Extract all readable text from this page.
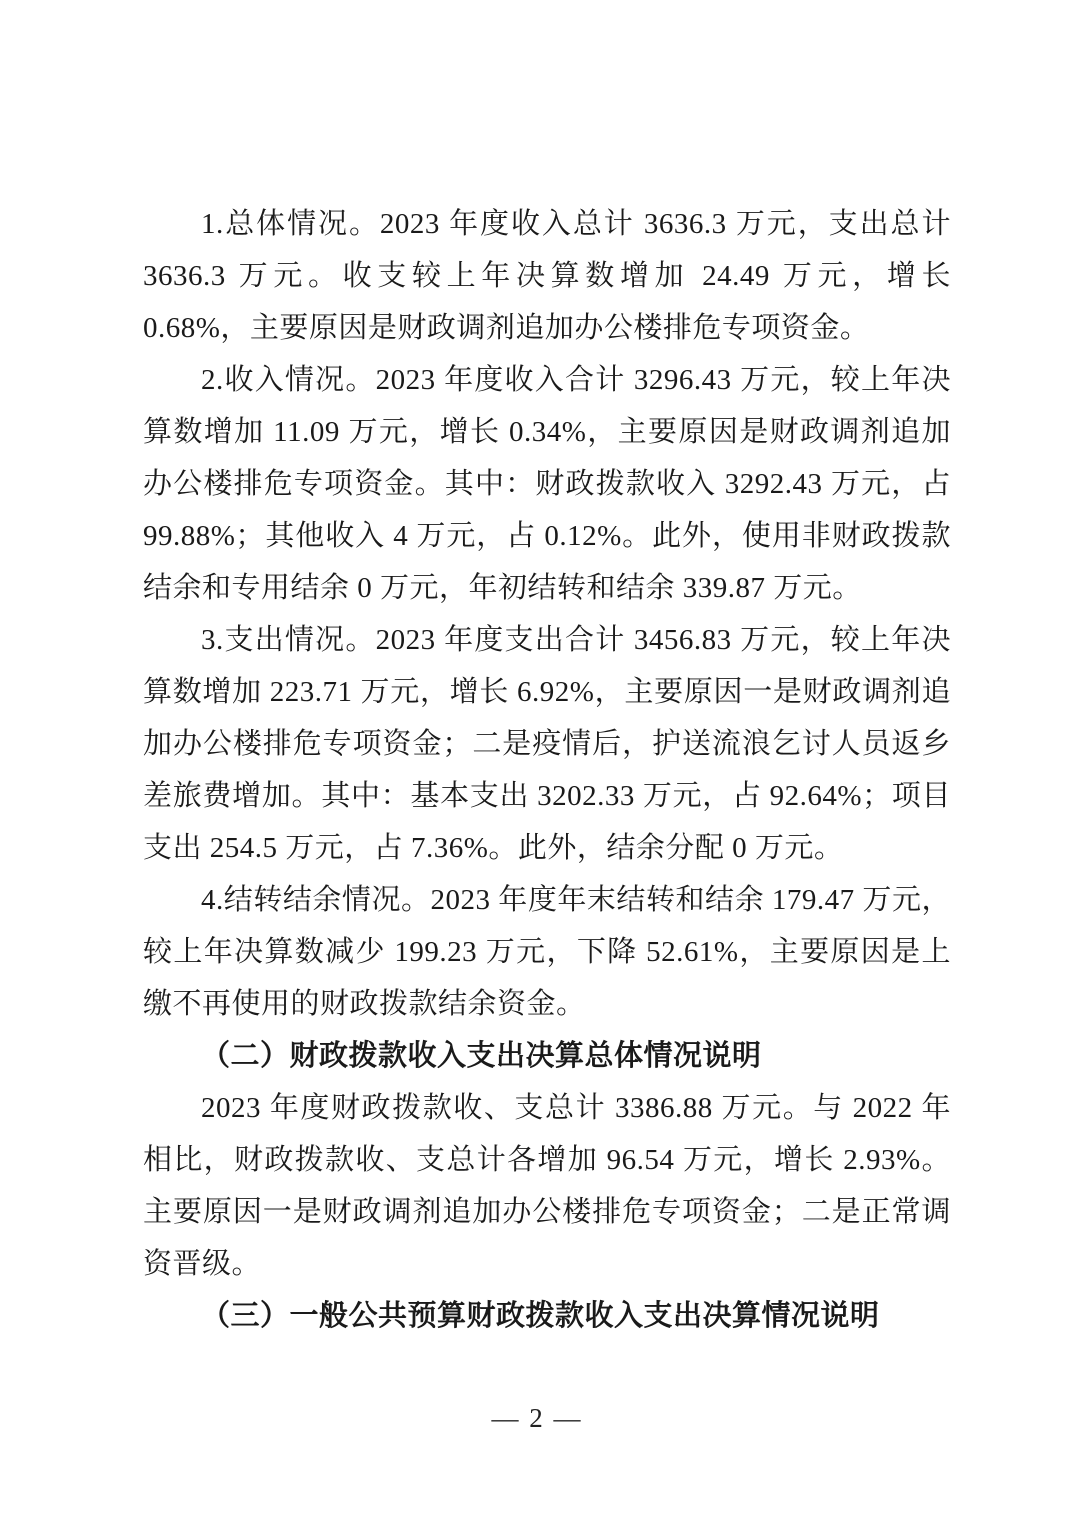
1.总体情况。2023 年度收入总计 3636.3 万元，支出总计 3636.3 万元。收支较上年决算数增加 24.49 万元，增长 0.68%，主要原因是财政调剂追加办公楼排危专项资金。

2.收入情况。2023 年度收入合计 3296.43 万元，较上年决算数增加 11.09 万元，增长 0.34%，主要原因是财政调剂追加办公楼排危专项资金。其中：财政拨款收入 3292.43 万元，占 99.88%；其他收入 4 万元，占 0.12%。此外，使用非财政拨款结余和专用结余 0 万元，年初结转和结余 339.87 万元。

3.支出情况。2023 年度支出合计 3456.83 万元，较上年决算数增加 223.71 万元，增长 6.92%，主要原因一是财政调剂追加办公楼排危专项资金；二是疫情后，护送流浪乞讨人员返乡差旅费增加。其中：基本支出 3202.33 万元，占 92.64%；项目支出 254.5 万元，占 7.36%。此外，结余分配 0 万元。

4.结转结余情况。2023 年度年末结转和结余 179.47 万元，较上年决算数减少 199.23 万元，下降 52.61%，主要原因是上缴不再使用的财政拨款结余资金。

（二）财政拨款收入支出决算总体情况说明

2023 年度财政拨款收、支总计 3386.88 万元。与 2022 年相比，财政拨款收、支总计各增加 96.54 万元，增长 2.93%。主要原因一是财政调剂追加办公楼排危专项资金；二是正常调资晋级。

（三）一般公共预算财政拨款收入支出决算情况说明
— 2 —
